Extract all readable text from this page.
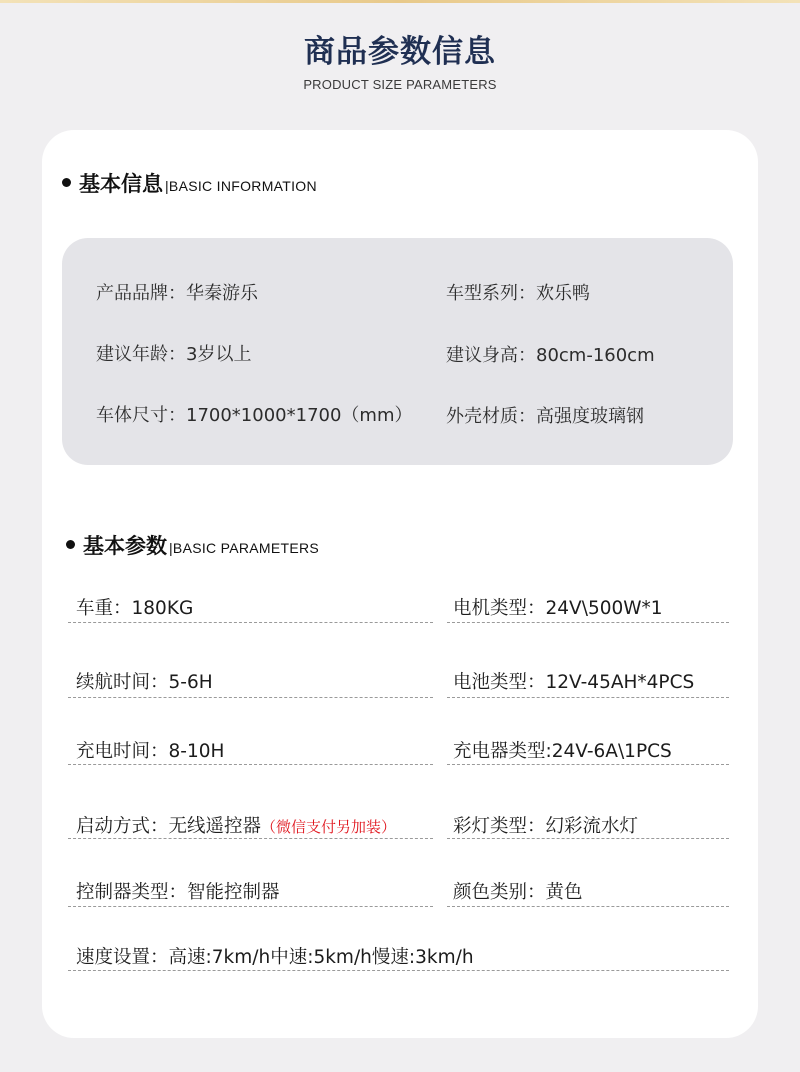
商品参数信息
PRODUCT SIZE PARAMETERS
基本信息 |BASIC INFORMATION
产品品牌：华秦游乐	车型系列：欢乐鸭
建议年龄：3岁以上	建议身高：80cm-160cm
车体尺寸：1700*1000*1700（mm） 外壳材质：高强度玻璃钢
基本参数 |BASIC PARAMETERS
车重：180KG	电机类型：24V\500W*1
续航时间：5-6H	电池类型：12V-45AH*4PCS
充电时间：8-10H	充电器类型:24V-6A\1PCS
启动方式：无线遥控器（微信支付另加装）	彩灯类型：幻彩流水灯
控制器类型：智能控制器	颜色类别：黄色
速度设置：高速:7km/h中速:5km/h慢速:3km/h
